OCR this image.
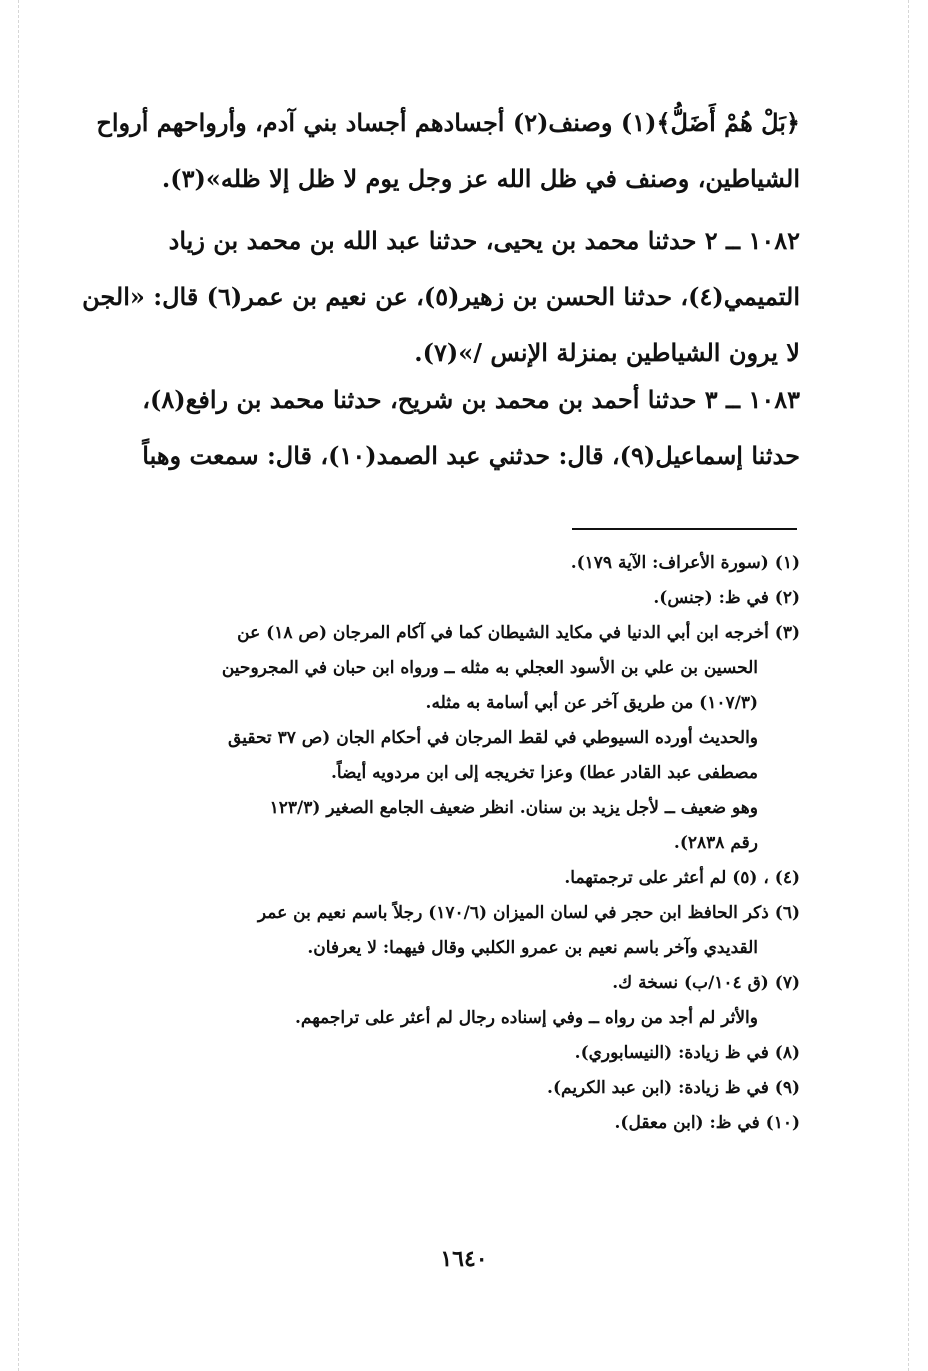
﴿بَلْ هُمْ أَضَلُّ﴾(١) وصنف(٢) أجسادهم أجساد بني آدم، وأرواحهم أرواح
الشياطين، وصنف في ظل الله عز وجل يوم لا ظل إلا ظله»(٣).
١٠٨٢ ــ ٢ حدثنا محمد بن يحيى، حدثنا عبد الله بن محمد بن زياد
التميمي(٤)، حدثنا الحسن بن زهير(٥)، عن نعيم بن عمر(٦) قال: «الجن
لا يرون الشياطين بمنزلة الإنس /»(٧).
١٠٨٣ ــ ٣ حدثنا أحمد بن محمد بن شريح، حدثنا محمد بن رافع(٨)،
حدثنا إسماعيل(٩)، قال: حدثني عبد الصمد(١٠)، قال: سمعت وهباً
(١) (سورة الأعراف: الآية ١٧٩).
(٢) في ظ: (جنس).
(٣) أخرجه ابن أبي الدنيا في مكايد الشيطان كما في آكام المرجان (ص ١٨) عن
الحسين بن علي بن الأسود العجلي به مثله ــ ورواه ابن حبان في المجروحين
(١٠٧/٣) من طريق آخر عن أبي أسامة به مثله.
والحديث أورده السيوطي في لقط المرجان في أحكام الجان (ص ٣٧ تحقيق
مصطفى عبد القادر عطا) وعزا تخريجه إلى ابن مردويه أيضاً.
وهو ضعيف ــ لأجل يزيد بن سنان. انظر ضعيف الجامع الصغير (١٢٣/٣
رقم ٢٨٣٨).
(٤) ، (٥) لم أعثر على ترجمتهما.
(٦) ذكر الحافظ ابن حجر في لسان الميزان (١٧٠/٦) رجلاً باسم نعيم بن عمر
القديدي وآخر باسم نعيم بن عمرو الكلبي وقال فيهما: لا يعرفان.
(٧) (ق ١٠٤/ب) نسخة ك.
والأثر لم أجد من رواه ــ وفي إسناده رجال لم أعثر على تراجمهم.
(٨) في ظ زيادة: (النيسابوري).
(٩) في ظ زيادة: (ابن عبد الكريم).
(١٠) في ظ: (ابن معقل).
١٦٤٠
